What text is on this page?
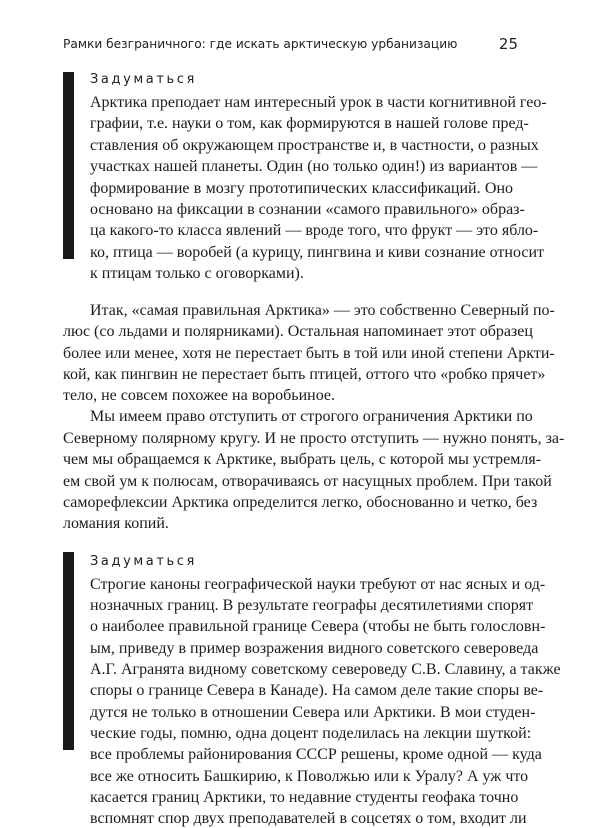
Рамки безграничного: где искать арктическую урбанизацию	25
Задуматься
Арктика преподает нам интересный урок в части когнитивной гео-
графии, т.е. науки о том, как формируются в нашей голове пред-
ставления об окружающем пространстве и, в частности, о разных
участках нашей планеты. Один (но только один!) из вариантов —
формирование в мозгу прототипических классификаций. Оно
основано на фиксации в сознании «самого правильного» образ-
ца какого-то класса явлений — вроде того, что фрукт — это ябло-
ко, птица — воробей (а курицу, пингвина и киви сознание относит
к птицам только с оговорками).
Итак, «самая правильная Арктика» — это собственно Северный по-
люс (со льдами и полярниками). Остальная напоминает этот образец
более или менее, хотя не перестает быть в той или иной степени Аркти-
кой, как пингвин не перестает быть птицей, оттого что «робко прячет»
тело, не совсем похожее на воробьиное.
Мы имеем право отступить от строгого ограничения Арктики по
Северному полярному кругу. И не просто отступить — нужно понять, за-
чем мы обращаемся к Арктике, выбрать цель, с которой мы устремля-
ем свой ум к полюсам, отворачиваясь от насущных проблем. При такой
саморефлексии Арктика определится легко, обоснованно и четко, без
ломания копий.
Задуматься
Строгие каноны географической науки требуют от нас ясных и од-
нозначных границ. В результате географы десятилетиями спорят
о наиболее правильной границе Севера (чтобы не быть голословн-
ым, приведу в пример возражения видного советского североведа
А.Г. Агранята видному советскому североведу С.В. Славину, а также
споры о границе Севера в Канаде). На самом деле такие споры ве-
дутся не только в отношении Севера или Арктики. В мои студен-
ческие годы, помню, одна доцент поделилась на лекции шуткой:
все проблемы районирования СССР решены, кроме одной — куда
все же относить Башкирию, к Поволжью или к Уралу? А уж что
касается границ Арктики, то недавние студенты геофака точно
вспомнят спор двух преподавателей в соцсетях о том, входит ли
